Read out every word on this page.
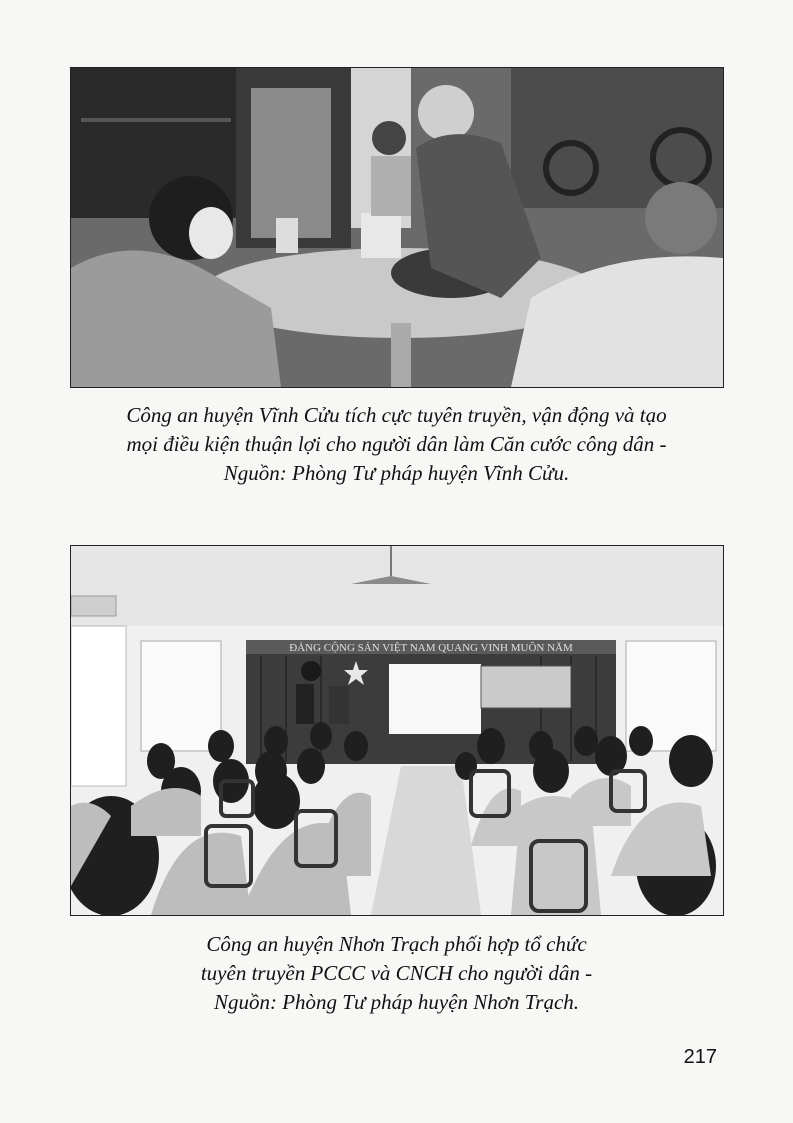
Công an huyện Vĩnh Cửu tích cực tuyên truyền, vận động và tạo
mọi điều kiện thuận lợi cho người dân làm Căn cước công dân -
Nguồn: Phòng Tư pháp huyện Vĩnh Cửu.

ĐẢNG CỘNG SẢN VIỆT NAM QUANG VINH MUÔN NĂM

Công an huyện Nhơn Trạch phối hợp tổ chức
tuyên truyền PCCC và CNCH cho người dân -
Nguồn: Phòng Tư pháp huyện Nhơn Trạch.

217
